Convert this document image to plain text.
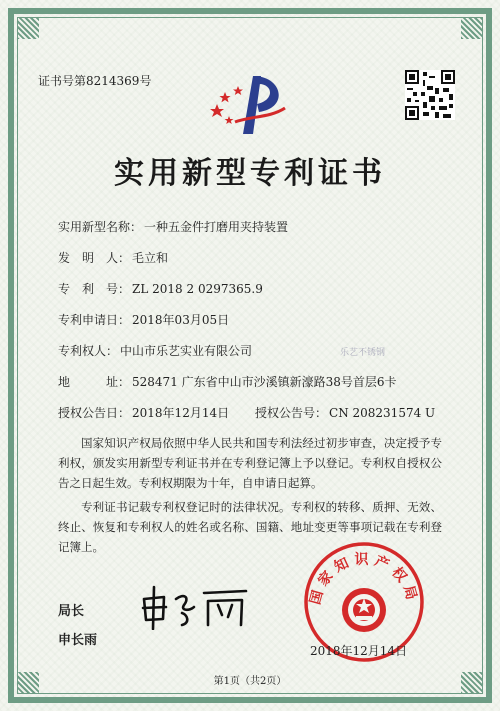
证书号第8214369号
实用新型专利证书
实用新型名称： 一种五金件打磨用夹持装置
发　明　人： 毛立和
专　利　号： ZL 2018 2 0297365.9
专利申请日： 2018年03月05日
专利权人： 中山市乐艺实业有限公司	乐艺不锈钢
地　　　址： 528471 广东省中山市沙溪镇新濠路38号首层6卡
授权公告日： 2018年12月14日 授权公告号： CN 208231574 U
国家知识产权局依照中华人民共和国专利法经过初步审查，决定授予专利权，颁发实用新型专利证书并在专利登记簿上予以登记。专利权自授权公告之日起生效。专利权期限为十年，自申请日起算。
专利证书记载专利权登记时的法律状况。专利权的转移、质押、无效、终止、恢复和专利权人的姓名或名称、国籍、地址变更等事项记载在专利登记簿上。
局长
申长雨
国家知识产权局
2018年12月14日
第1页（共2页）
